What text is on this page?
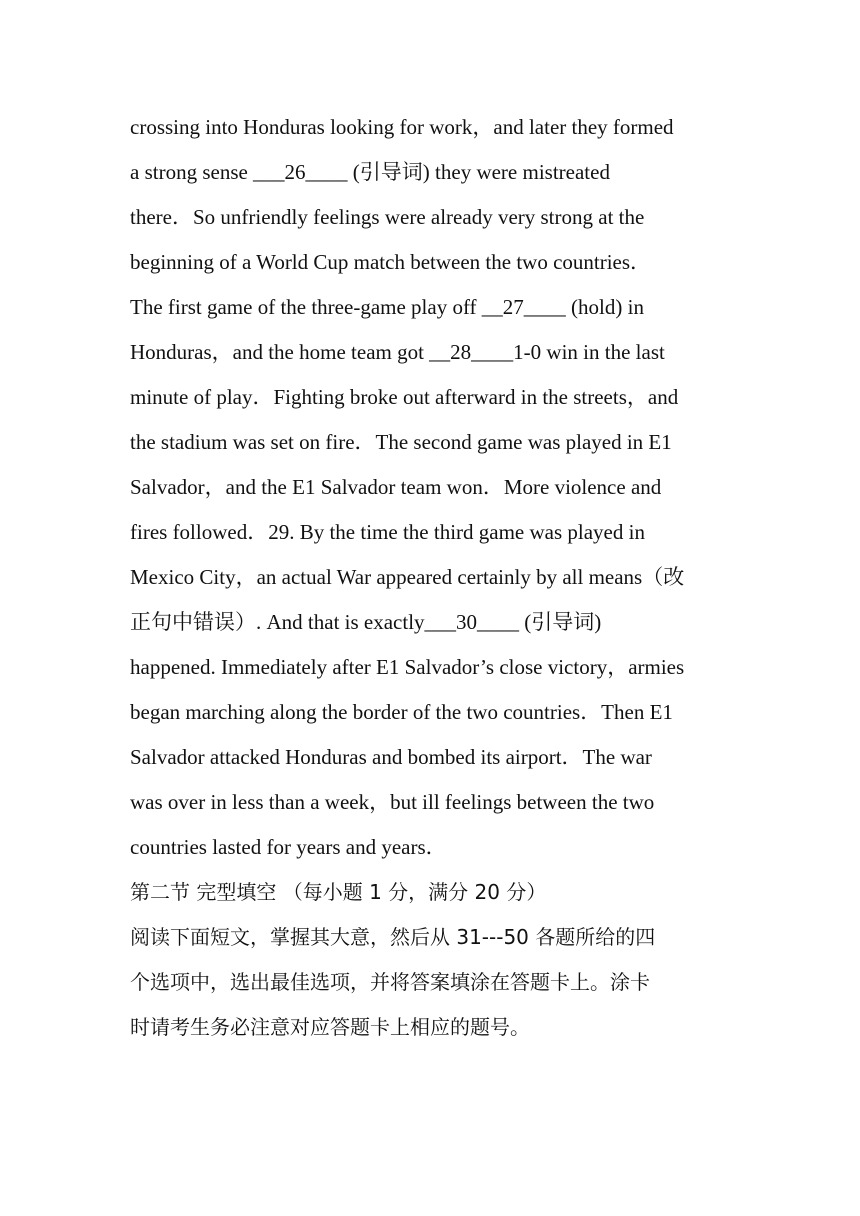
crossing into Honduras looking for work，and later they formed
a strong sense ___26____ (引导词) they were mistreated
there．So unfriendly feelings were already very strong at the
beginning of a World Cup match between the two countries．
The first game of the three-game play off __27____ (hold) in
Honduras，and the home team got __28____1-0 win in the last
minute of play．Fighting broke out afterward in the streets，and
the stadium was set on fire．The second game was played in E1
Salvador，and the E1 Salvador team won．More violence and
fires followed．29. By the time the third game was played in
Mexico City，an actual War appeared certainly by all means（改
正句中错误）. And that is exactly___30____ (引导词)
happened. Immediately after E1 Salvador’s close victory，armies
began marching along the border of the two countries．Then E1
Salvador attacked Honduras and bombed its airport．The war
was over in less than a week，but ill feelings between the two
countries lasted for years and years．
第二节 完型填空 （每小题 1 分，满分 20 分）
阅读下面短文，掌握其大意，然后从 31---50 各题所给的四
个选项中，选出最佳选项，并将答案填涂在答题卡上。涂卡
时请考生务必注意对应答题卡上相应的题号。
